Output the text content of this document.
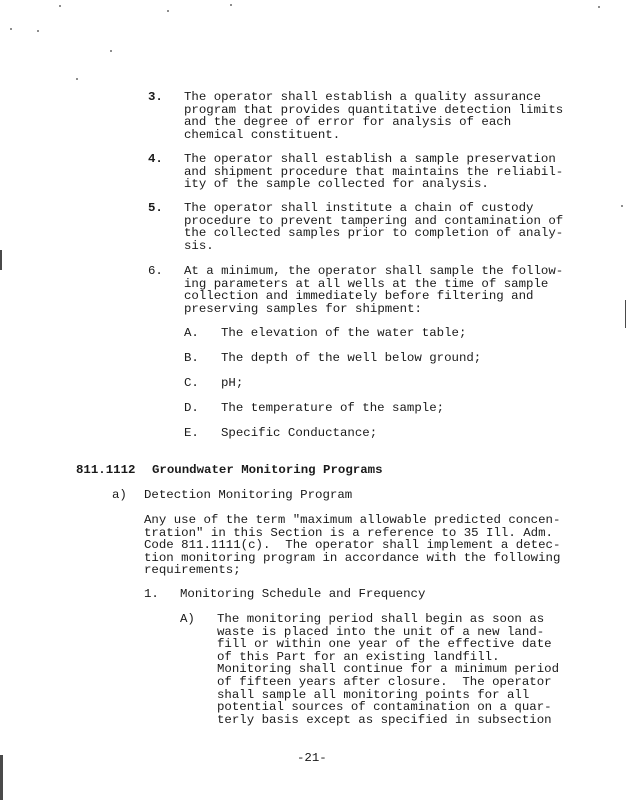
3. The operator shall establish a quality assurance
program that provides quantitative detection limits
and the degree of error for analysis of each
chemical constituent.
4. The operator shall establish a sample preservation
and shipment procedure that maintains the reliabil-
ity of the sample collected for analysis.
5. The operator shall institute a chain of custody
procedure to prevent tampering and contamination of
the collected samples prior to completion of analy-
sis.
6. At a minimum, the operator shall sample the follow-
ing parameters at all wells at the time of sample
collection and immediately before filtering and
preserving samples for shipment:
A. The elevation of the water table;
B. The depth of the well below ground;
C. pH;
D. The temperature of the sample;
E. Specific Conductance;
811.1112 Groundwater Monitoring Programs
a) Detection Monitoring Program
Any use of the term "maximum allowable predicted concen-
tration" in this Section is a reference to 35 Ill. Adm.
Code 811.1111(c).  The operator shall implement a detec-
tion monitoring program in accordance with the following
requirements;
1. Monitoring Schedule and Frequency
A) The monitoring period shall begin as soon as
waste is placed into the unit of a new land-
fill or within one year of the effective date
of this Part for an existing landfill.
Monitoring shall continue for a minimum period
of fifteen years after closure.  The operator
shall sample all monitoring points for all
potential sources of contamination on a quar-
terly basis except as specified in subsection
-21-
